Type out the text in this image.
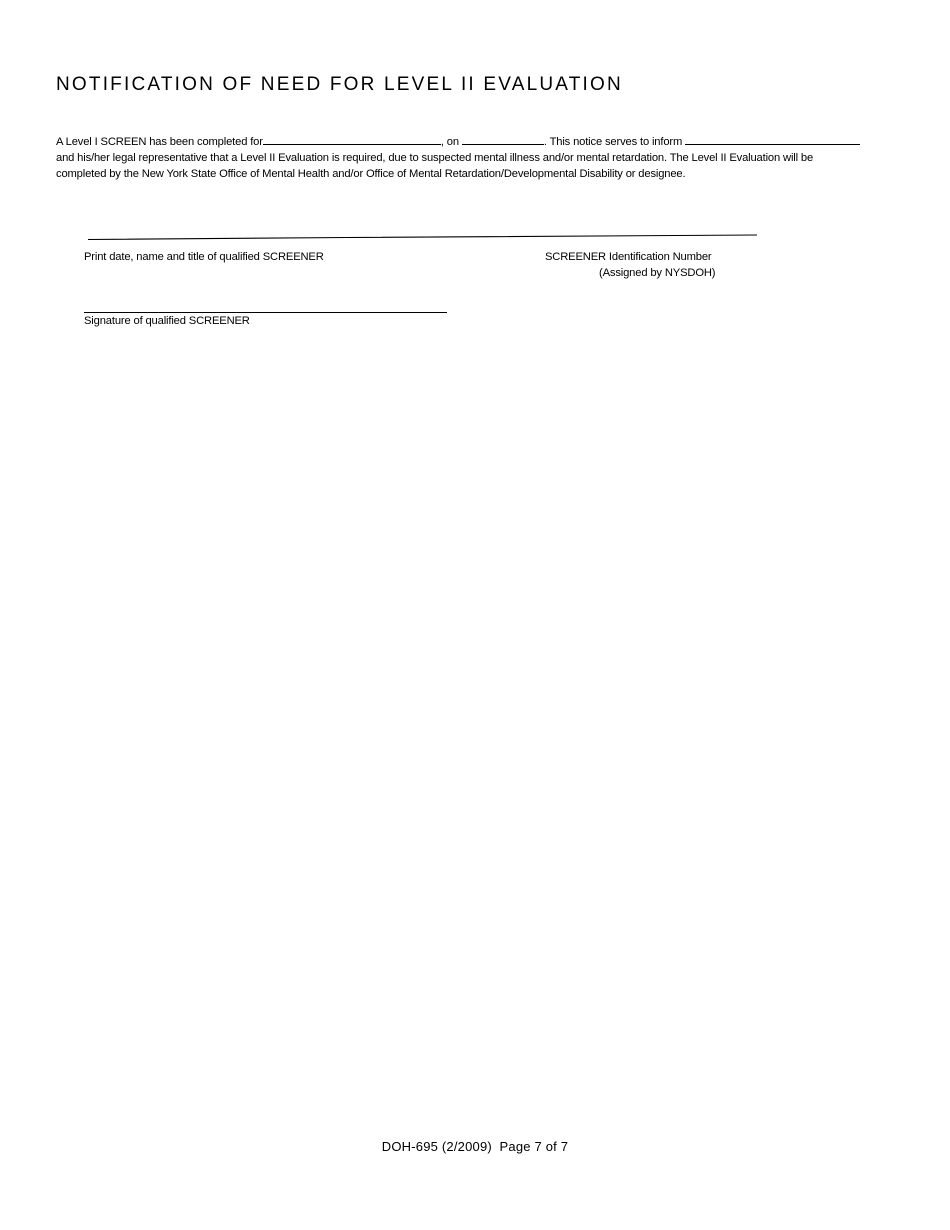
NOTIFICATION OF NEED FOR LEVEL II EVALUATION
A Level I SCREEN has been completed for	, on	. This notice serves to inform
and his/her legal representative that a Level II Evaluation is required, due to suspected mental illness and/or mental retardation. The Level II Evaluation will be
completed by the New York State Office of Mental Health and/or Office of Mental Retardation/Developmental Disability or designee.
Print date, name and title of qualified SCREENER	SCREENER Identification Number
(Assigned by NYSDOH)
Signature of qualified SCREENER
DOH-695 (2/2009)  Page 7 of 7
